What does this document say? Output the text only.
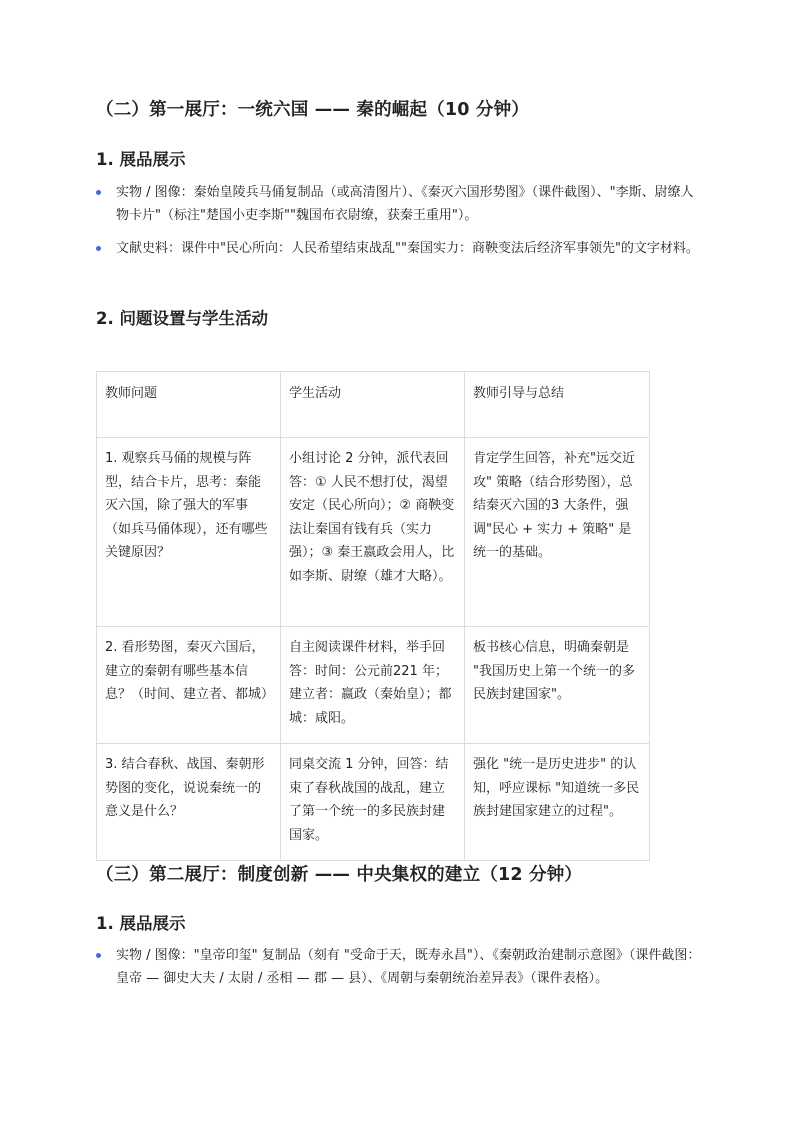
（二）第一展厅：一统六国 —— 秦的崛起（10 分钟）
1. 展品展示
实物 / 图像：秦始皇陵兵马俑复制品（或高清图片）、《秦灭六国形势图》（课件截图）、"李斯、尉缭人物卡片"（标注"楚国小吏李斯""魏国布衣尉缭，获秦王重用"）。
文献史料：课件中"民心所向：人民希望结束战乱""秦国实力：商鞅变法后经济军事领先"的文字材料。
2. 问题设置与学生活动
教师问题	学生活动	教师引导与总结
1. 观察兵马俑的规模与阵型，结合卡片，思考：秦能灭六国，除了强大的军事（如兵马俑体现），还有哪些关键原因？	小组讨论 2 分钟，派代表回答：① 人民不想打仗，渴望安定（民心所向）；② 商鞅变法让秦国有钱有兵（实力强）；③ 秦王嬴政会用人，比如李斯、尉缭（雄才大略）。	肯定学生回答，补充"远交近攻" 策略（结合形势图），总结秦灭六国的3 大条件，强调"民心 + 实力 + 策略" 是统一的基础。
2. 看形势图，秦灭六国后，建立的秦朝有哪些基本信息？（时间、建立者、都城）	自主阅读课件材料，举手回答：时间：公元前221 年；建立者：嬴政（秦始皇）；都城：咸阳。	板书核心信息，明确秦朝是 "我国历史上第一个统一的多民族封建国家"。
3. 结合春秋、战国、秦朝形势图的变化，说说秦统一的意义是什么？	同桌交流 1 分钟，回答：结束了春秋战国的战乱，建立了第一个统一的多民族封建国家。	强化 "统一是历史进步" 的认知，呼应课标 "知道统一多民族封建国家建立的过程"。
（三）第二展厅：制度创新 —— 中央集权的建立（12 分钟）
1. 展品展示
实物 / 图像："皇帝印玺" 复制品（刻有 "受命于天，既寿永昌"）、《秦朝政治建制示意图》（课件截图：皇帝 — 御史大夫 / 太尉 / 丞相 — 郡 — 县）、《周朝与秦朝统治差异表》（课件表格）。
